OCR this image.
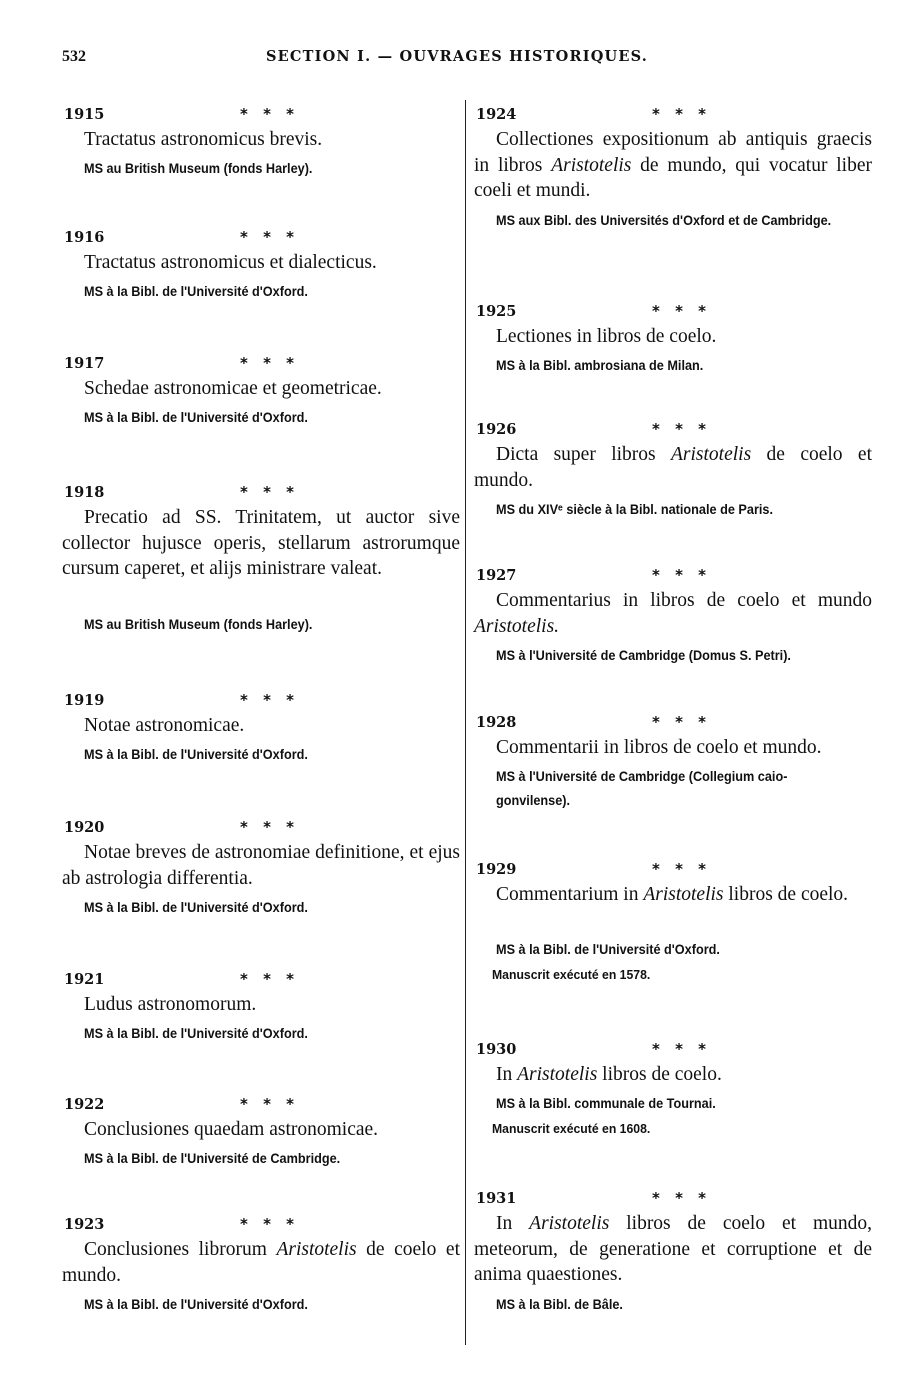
532	SECTION I. — OUVRAGES HISTORIQUES.
1915	* * *
Tractatus astronomicus brevis.
MS au British Museum (fonds Harley).
1916	* * *
Tractatus astronomicus et dialecticus.
MS à la Bibl. de l'Université d'Oxford.
1917	* * *
Schedae astronomicae et geometricae.
MS à la Bibl. de l'Université d'Oxford.
1918	* * *
Precatio ad SS. Trinitatem, ut auctor sive collector hujusce operis, stellarum astrorumque cursum caperet, et alijs ministrare valeat.
MS au British Museum (fonds Harley).
1919	* * *
Notae astronomicae.
MS à la Bibl. de l'Université d'Oxford.
1920	* * *
Notae breves de astronomiae definitione, et ejus ab astrologia differentia.
MS à la Bibl. de l'Université d'Oxford.
1921	* * *
Ludus astronomorum.
MS à la Bibl. de l'Université d'Oxford.
1922	* * *
Conclusiones quaedam astronomicae.
MS à la Bibl. de l'Université de Cambridge.
1923	* * *
Conclusiones librorum Aristotelis de coelo et mundo.
MS à la Bibl. de l'Université d'Oxford.
1924	* * *
Collectiones expositionum ab antiquis graecis in libros Aristotelis de mundo, qui vocatur liber coeli et mundi.
MS aux Bibl. des Universités d'Oxford et de Cambridge.
1925	* * *
Lectiones in libros de coelo.
MS à la Bibl. ambrosiana de Milan.
1926	* * *
Dicta super libros Aristotelis de coelo et mundo.
MS du XIVᵉ siècle à la Bibl. nationale de Paris.
1927	* * *
Commentarius in libros de coelo et mundo Aristotelis.
MS à l'Université de Cambridge (Domus S. Petri).
1928	* * *
Commentarii in libros de coelo et mundo.
MS à l'Université de Cambridge (Collegium caio-gonvilense).
1929	* * *
Commentarium in Aristotelis libros de coelo.
MS à la Bibl. de l'Université d'Oxford.
Manuscrit exécuté en 1578.
1930	* * *
In Aristotelis libros de coelo.
MS à la Bibl. communale de Tournai.
Manuscrit exécuté en 1608.
1931	* * *
In Aristotelis libros de coelo et mundo, meteorum, de generatione et corruptione et de anima quaestiones.
MS à la Bibl. de Bâle.
